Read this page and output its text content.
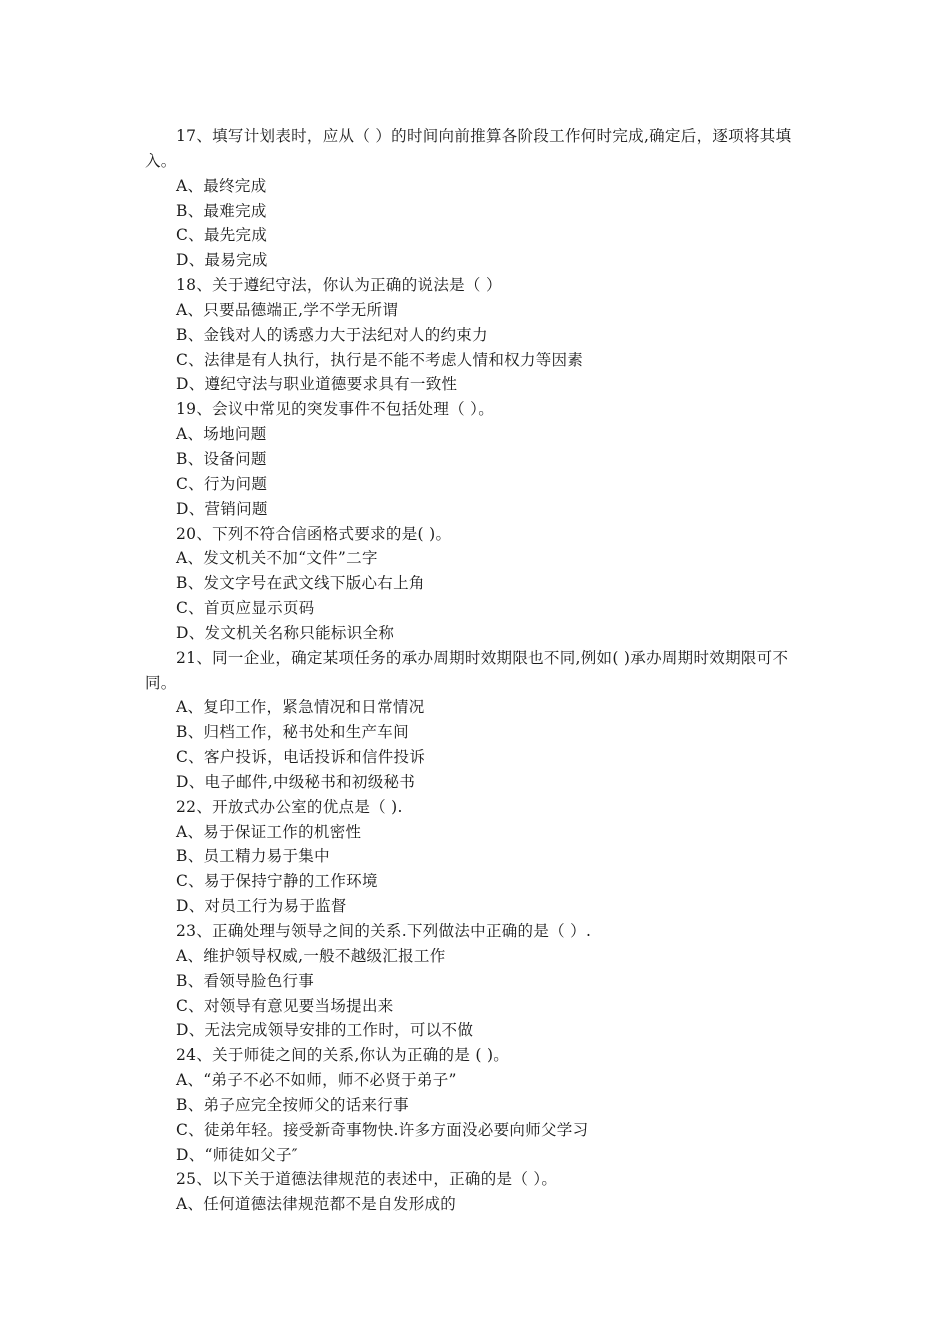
17、填写计划表时，应从（ ）的时间向前推算各阶段工作何时完成,确定后，逐项将其填入。

A、最终完成

B、最难完成

C、最先完成

D、最易完成

18、关于遵纪守法，你认为正确的说法是（ ）

A、只要品德端正,学不学无所谓

B、金钱对人的诱惑力大于法纪对人的约束力

C、法律是有人执行，执行是不能不考虑人情和权力等因素

D、遵纪守法与职业道德要求具有一致性

19、会议中常见的突发事件不包括处理（ ）。

A、场地问题

B、设备问题

C、行为问题

D、营销问题

20、下列不符合信函格式要求的是( )。

A、发文机关不加“文件”二字

B、发文字号在武文线下版心右上角

C、首页应显示页码

D、发文机关名称只能标识全称

21、同一企业，确定某项任务的承办周期时效期限也不同,例如( )承办周期时效期限可不同。

A、复印工作，紧急情况和日常情况

B、归档工作，秘书处和生产车间

C、客户投诉，电话投诉和信件投诉

D、电子邮件,中级秘书和初级秘书

22、开放式办公室的优点是（ ).

A、易于保证工作的机密性

B、员工精力易于集中

C、易于保持宁静的工作环境

D、对员工行为易于监督

23、正确处理与领导之间的关系.下列做法中正确的是（ ）.

A、维护领导权威,一般不越级汇报工作

B、看领导脸色行事

C、对领导有意见要当场提出来

D、无法完成领导安排的工作时，可以不做

24、关于师徒之间的关系,你认为正确的是 ( )。

A、“弟子不必不如师，师不必贤于弟子”

B、弟子应完全按师父的话来行事

C、徒弟年轻。接受新奇事物快.许多方面没必要向师父学习

D、“师徒如父子″

25、以下关于道德法律规范的表述中，正确的是（ ）。

A、任何道德法律规范都不是自发形成的
